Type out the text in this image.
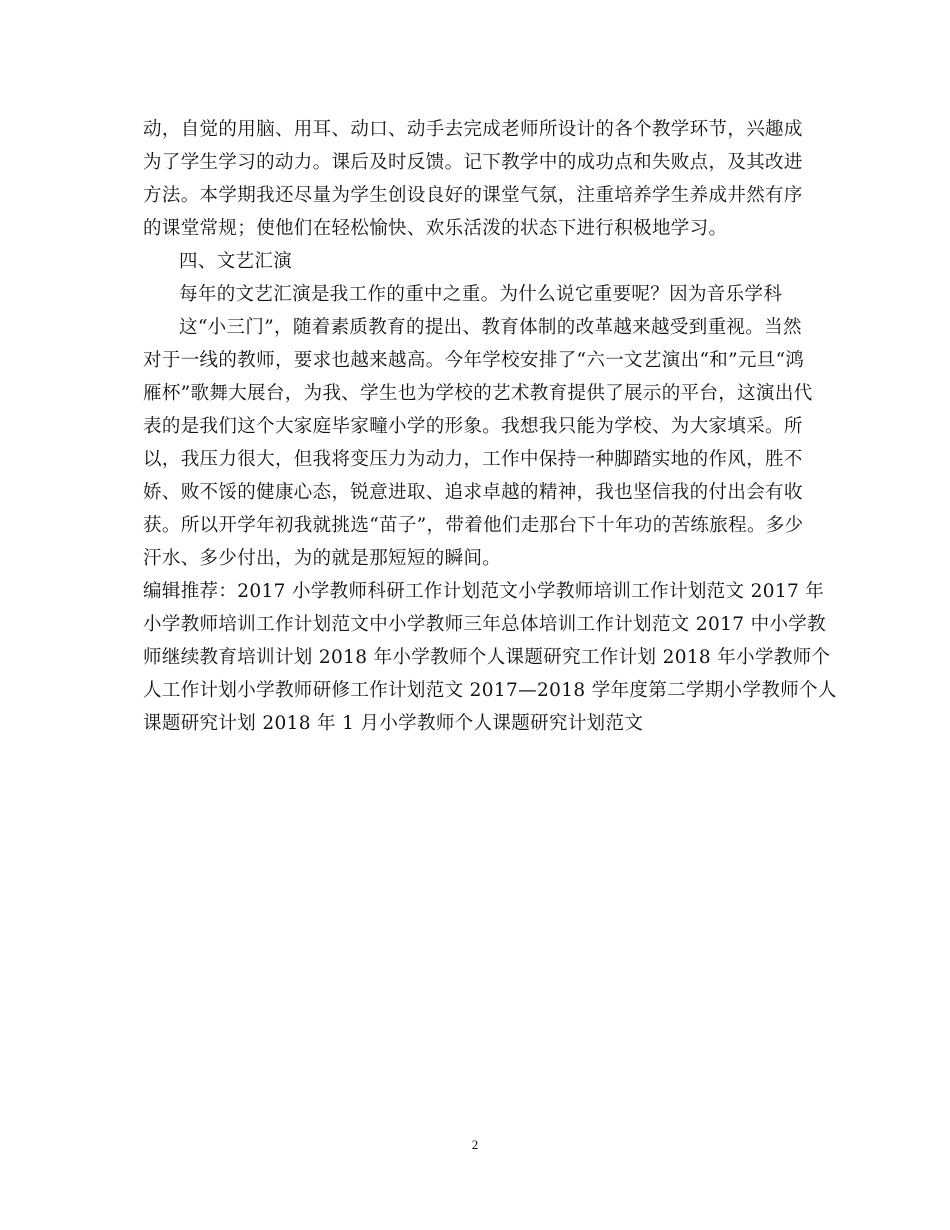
动，自觉的用脑、用耳、动口、动手去完成老师所设计的各个教学环节，兴趣成
为了学生学习的动力。课后及时反馈。记下教学中的成功点和失败点，及其改进
方法。本学期我还尽量为学生创设良好的课堂气氛，注重培养学生养成井然有序
的课堂常规；使他们在轻松愉快、欢乐活泼的状态下进行积极地学习。
四、文艺汇演
每年的文艺汇演是我工作的重中之重。为什么说它重要呢？因为音乐学科
这“小三门”，随着素质教育的提出、教育体制的改革越来越受到重视。当然
对于一线的教师，要求也越来越高。今年学校安排了“六一文艺演出“和”元旦“鸿
雁杯”歌舞大展台，为我、学生也为学校的艺术教育提供了展示的平台，这演出代
表的是我们这个大家庭毕家疃小学的形象。我想我只能为学校、为大家填采。所
以，我压力很大，但我将变压力为动力，工作中保持一种脚踏实地的作风，胜不
娇、败不馁的健康心态，锐意进取、追求卓越的精神，我也坚信我的付出会有收
获。所以开学年初我就挑选“苗子”，带着他们走那台下十年功的苦练旅程。多少
汗水、多少付出，为的就是那短短的瞬间。
编辑推荐：2017 小学教师科研工作计划范文小学教师培训工作计划范文 2017 年
小学教师培训工作计划范文中小学教师三年总体培训工作计划范文 2017 中小学教
师继续教育培训计划 2018 年小学教师个人课题研究工作计划 2018 年小学教师个
人工作计划小学教师研修工作计划范文 2017—2018 学年度第二学期小学教师个人
课题研究计划 2018 年 1 月小学教师个人课题研究计划范文
2
